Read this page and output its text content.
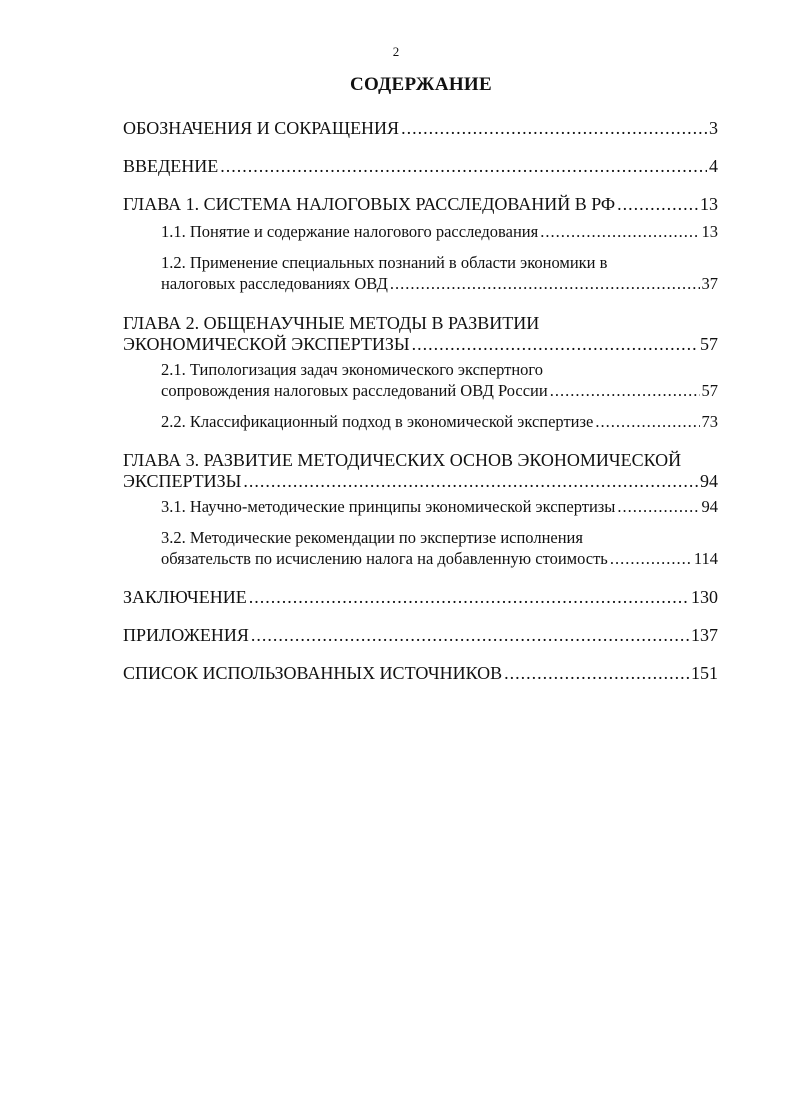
2
СОДЕРЖАНИЕ
ОБОЗНАЧЕНИЯ И СОКРАЩЕНИЯ .....	3
ВВЕДЕНИЕ .....	4
ГЛАВА 1. СИСТЕМА НАЛОГОВЫХ РАССЛЕДОВАНИЙ В РФ .....	13
1.1. Понятие и содержание налогового расследования .....	13
1.2. Применение специальных познаний в области экономики в
налоговых расследованиях ОВД .....	37
ГЛАВА 2. ОБЩЕНАУЧНЫЕ МЕТОДЫ В РАЗВИТИИ
ЭКОНОМИЧЕСКОЙ ЭКСПЕРТИЗЫ .....	57
2.1. Типологизация задач экономического экспертного
сопровождения налоговых расследований ОВД России .....	57
2.2. Классификационный подход в экономической экспертизе .....	73
ГЛАВА 3. РАЗВИТИЕ МЕТОДИЧЕСКИХ ОСНОВ ЭКОНОМИЧЕСКОЙ
ЭКСПЕРТИЗЫ .....	94
3.1. Научно-методические принципы экономической экспертизы .....	94
3.2. Методические рекомендации по экспертизе исполнения
обязательств по исчислению налога на добавленную стоимость .....	114
ЗАКЛЮЧЕНИЕ .....	130
ПРИЛОЖЕНИЯ .....	137
СПИСОК ИСПОЛЬЗОВАННЫХ ИСТОЧНИКОВ .....	151
